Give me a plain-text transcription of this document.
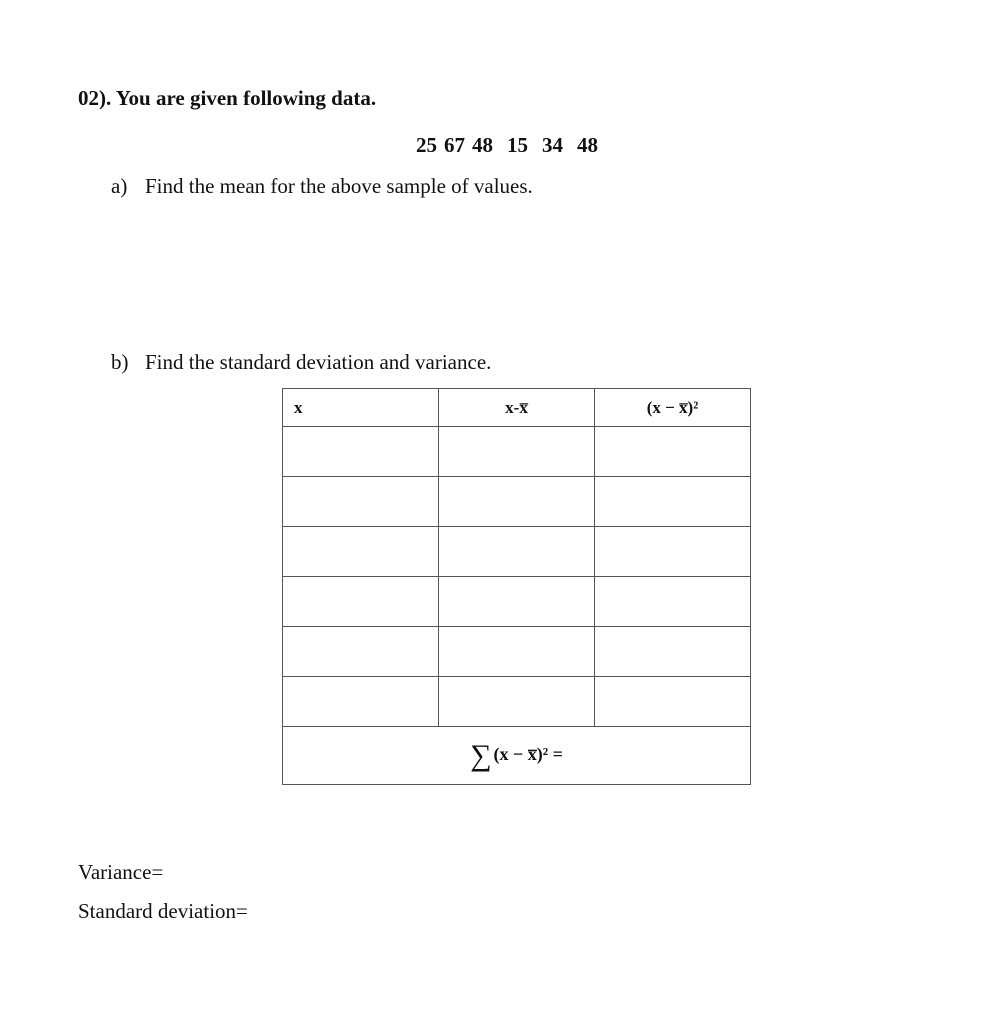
02). You are given following data.
25 67 48 15 34 48
a) Find the mean for the above sample of values.
b) Find the standard deviation and variance.
x	x-x̅	(x − x̅)²

∑ (x − x̅)² =		
Variance=
Standard deviation=
